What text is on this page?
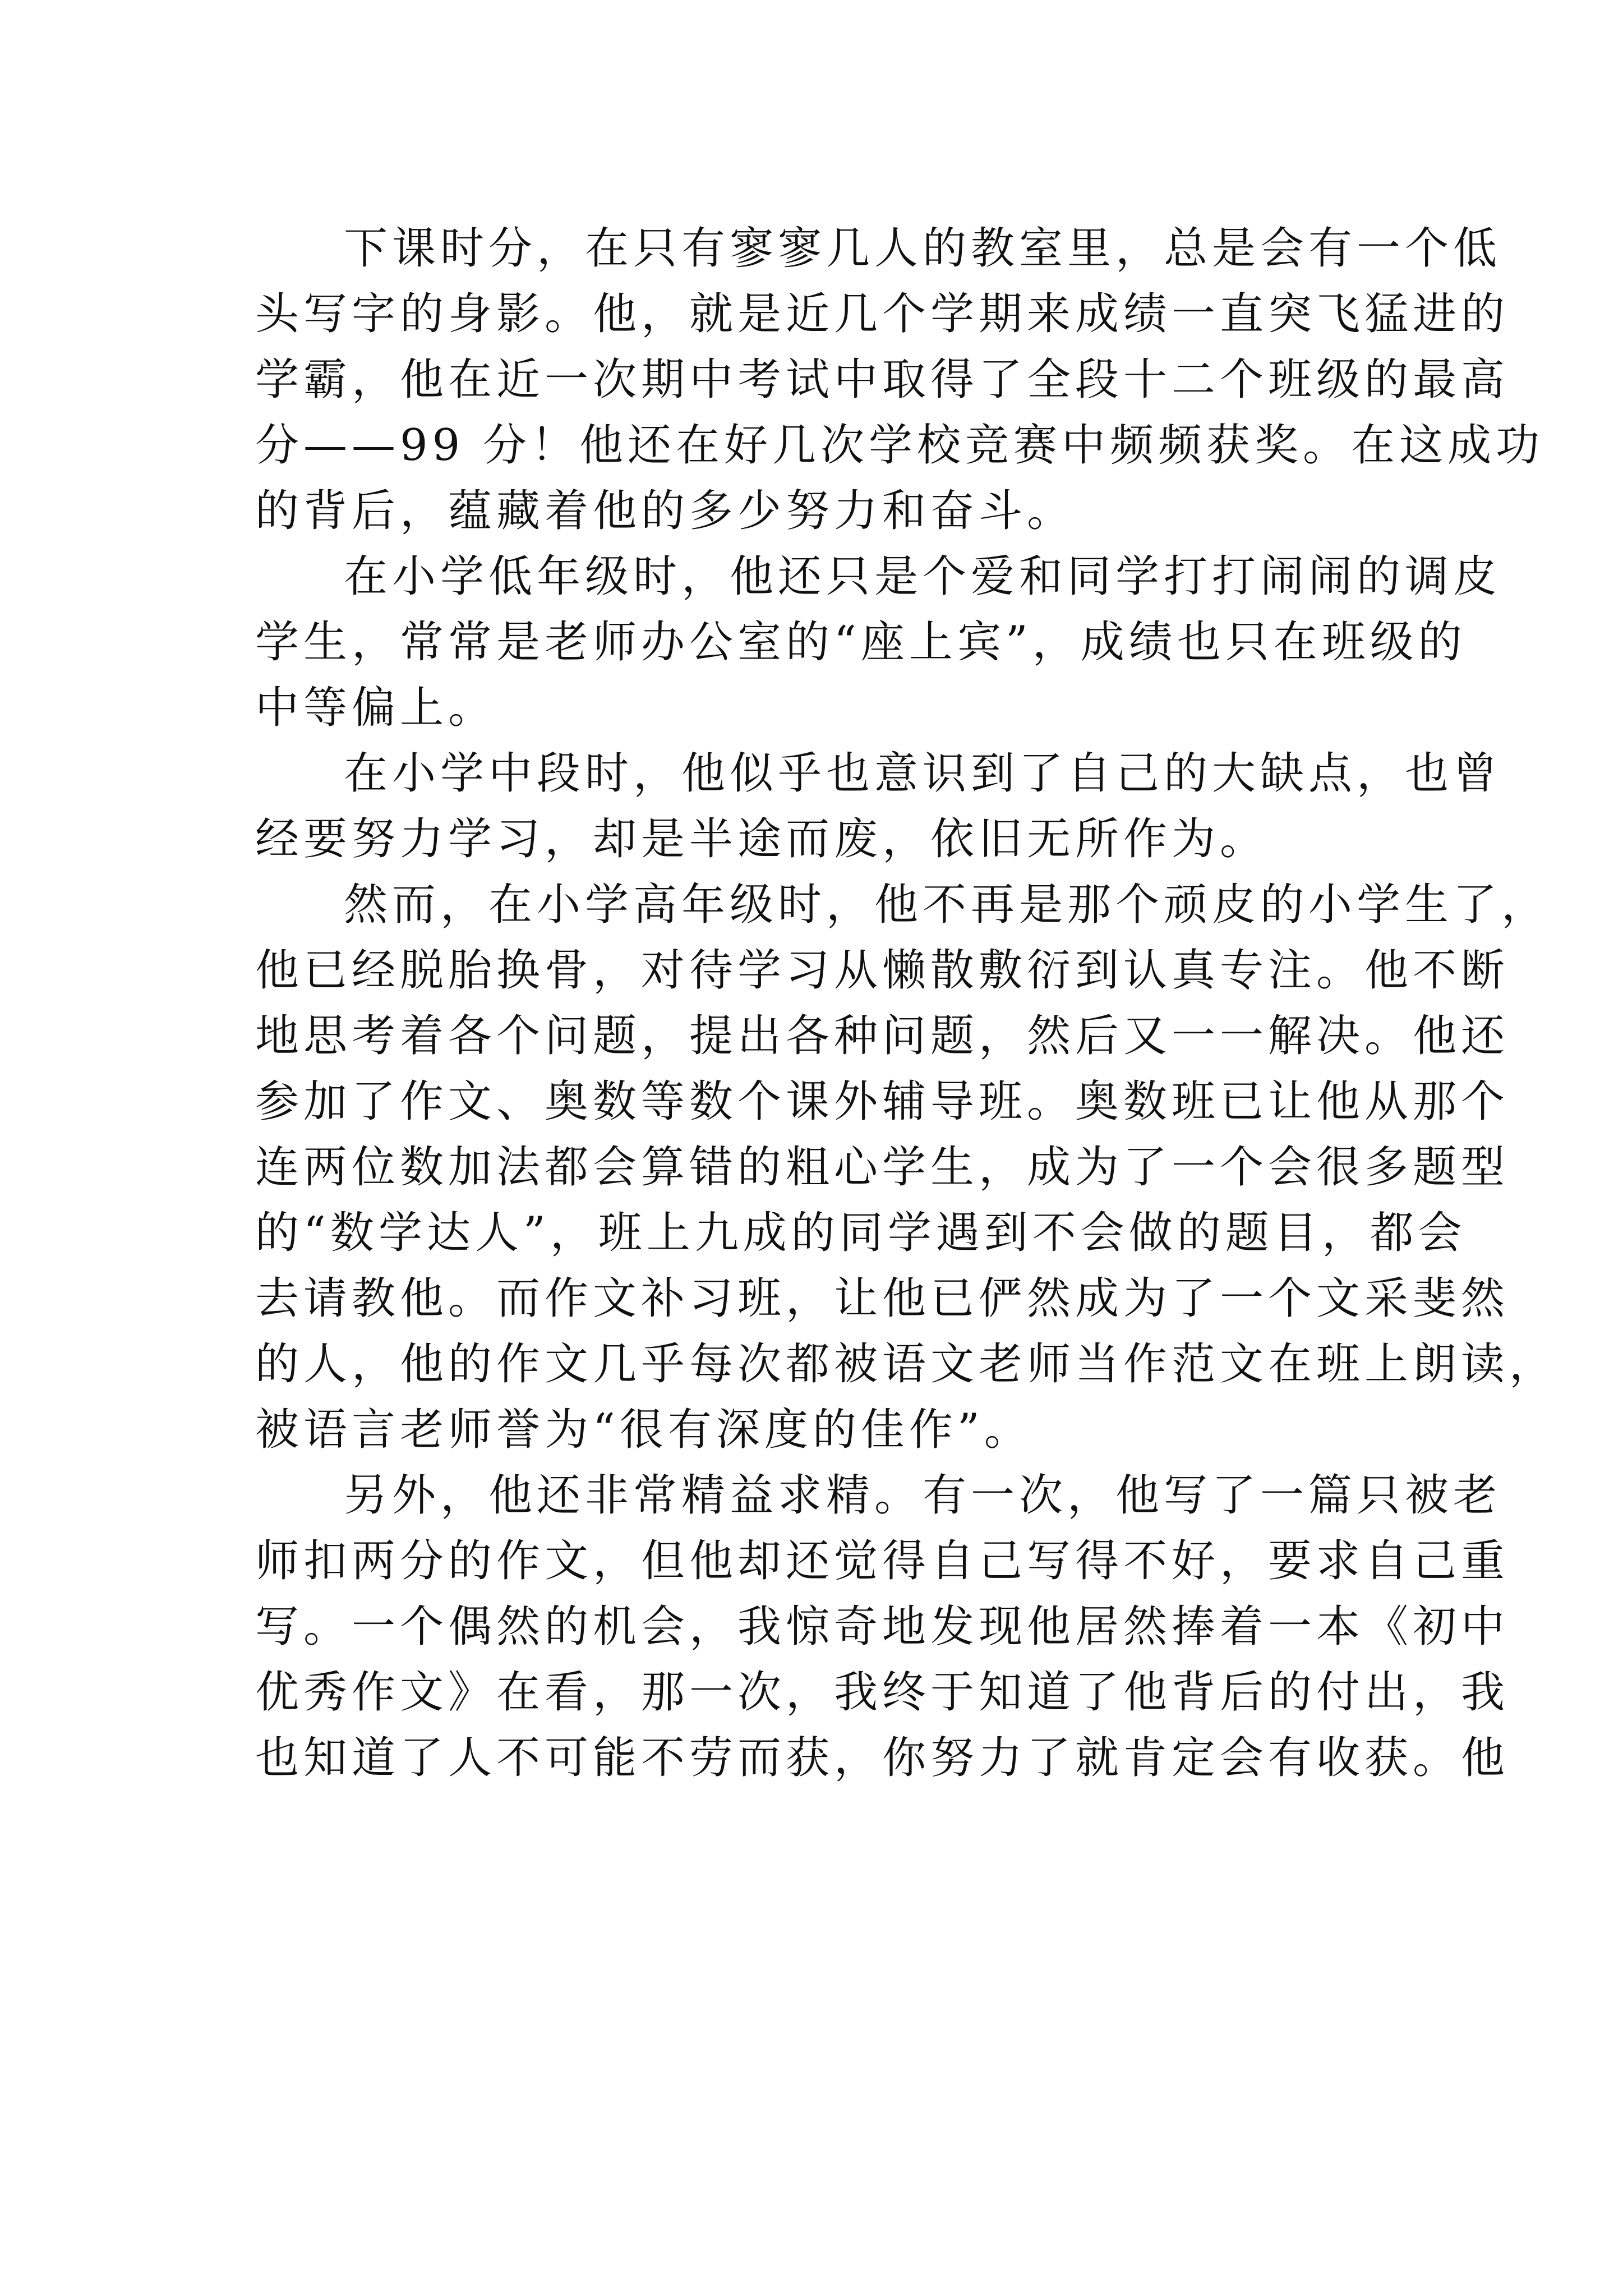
下课时分，在只有寥寥几人的教室里，总是会有一个低
头写字的身影。他，就是近几个学期来成绩一直突飞猛进的
学霸，他在近一次期中考试中取得了全段十二个班级的最高
分——99 分！他还在好几次学校竞赛中频频获奖。在这成功
的背后，蕴藏着他的多少努力和奋斗。
在小学低年级时，他还只是个爱和同学打打闹闹的调皮
学生，常常是老师办公室的“座上宾”，成绩也只在班级的
中等偏上。
在小学中段时，他似乎也意识到了自己的大缺点，也曾
经要努力学习，却是半途而废，依旧无所作为。
然而，在小学高年级时，他不再是那个顽皮的小学生了，
他已经脱胎换骨，对待学习从懒散敷衍到认真专注。他不断
地思考着各个问题，提出各种问题，然后又一一解决。他还
参加了作文、奥数等数个课外辅导班。奥数班已让他从那个
连两位数加法都会算错的粗心学生，成为了一个会很多题型
的“数学达人”，班上九成的同学遇到不会做的题目，都会
去请教他。而作文补习班，让他已俨然成为了一个文采斐然
的人，他的作文几乎每次都被语文老师当作范文在班上朗读，
被语言老师誉为“很有深度的佳作”。
另外，他还非常精益求精。有一次，他写了一篇只被老
师扣两分的作文，但他却还觉得自己写得不好，要求自己重
写。一个偶然的机会，我惊奇地发现他居然捧着一本《初中
优秀作文》在看，那一次，我终于知道了他背后的付出，我
也知道了人不可能不劳而获，你努力了就肯定会有收获。他
